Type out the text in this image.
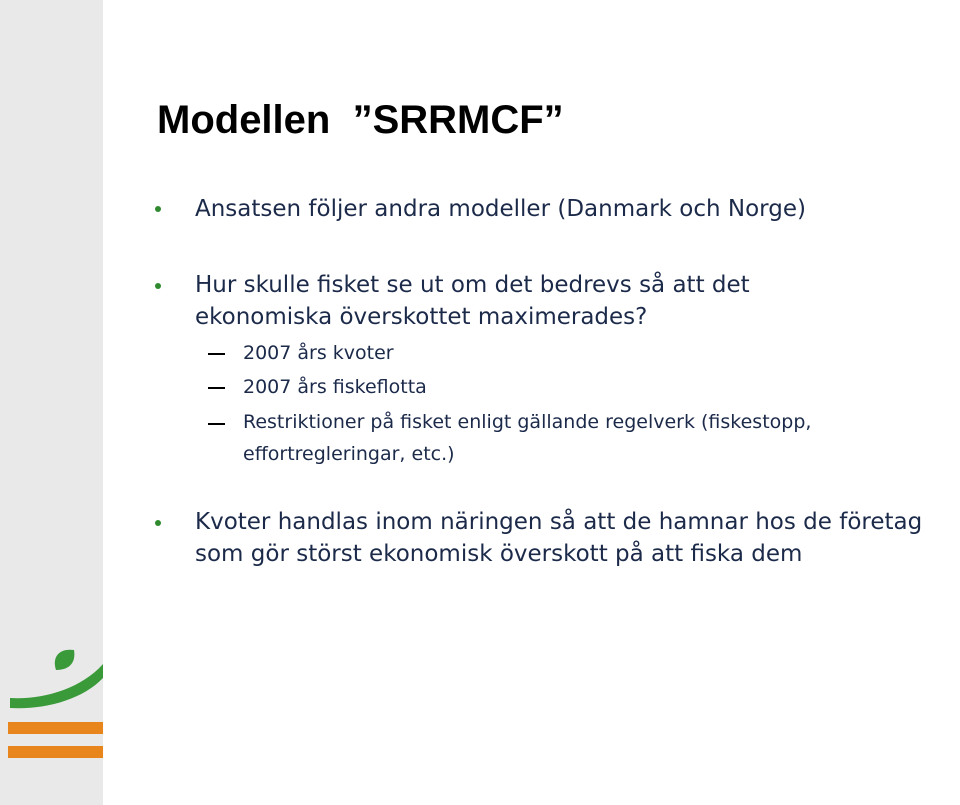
Modellen  ”SRRMCF”
Ansatsen följer andra modeller (Danmark och Norge)
Hur skulle fisket se ut om det bedrevs så att det ekonomiska överskottet maximerades?
2007 års kvoter
2007 års fiskeflotta
Restriktioner på fisket enligt gällande regelverk (fiskestopp, effortregleringar, etc.)
Kvoter handlas inom näringen så att de hamnar hos de företag som gör störst ekonomisk överskott på att fiska dem
